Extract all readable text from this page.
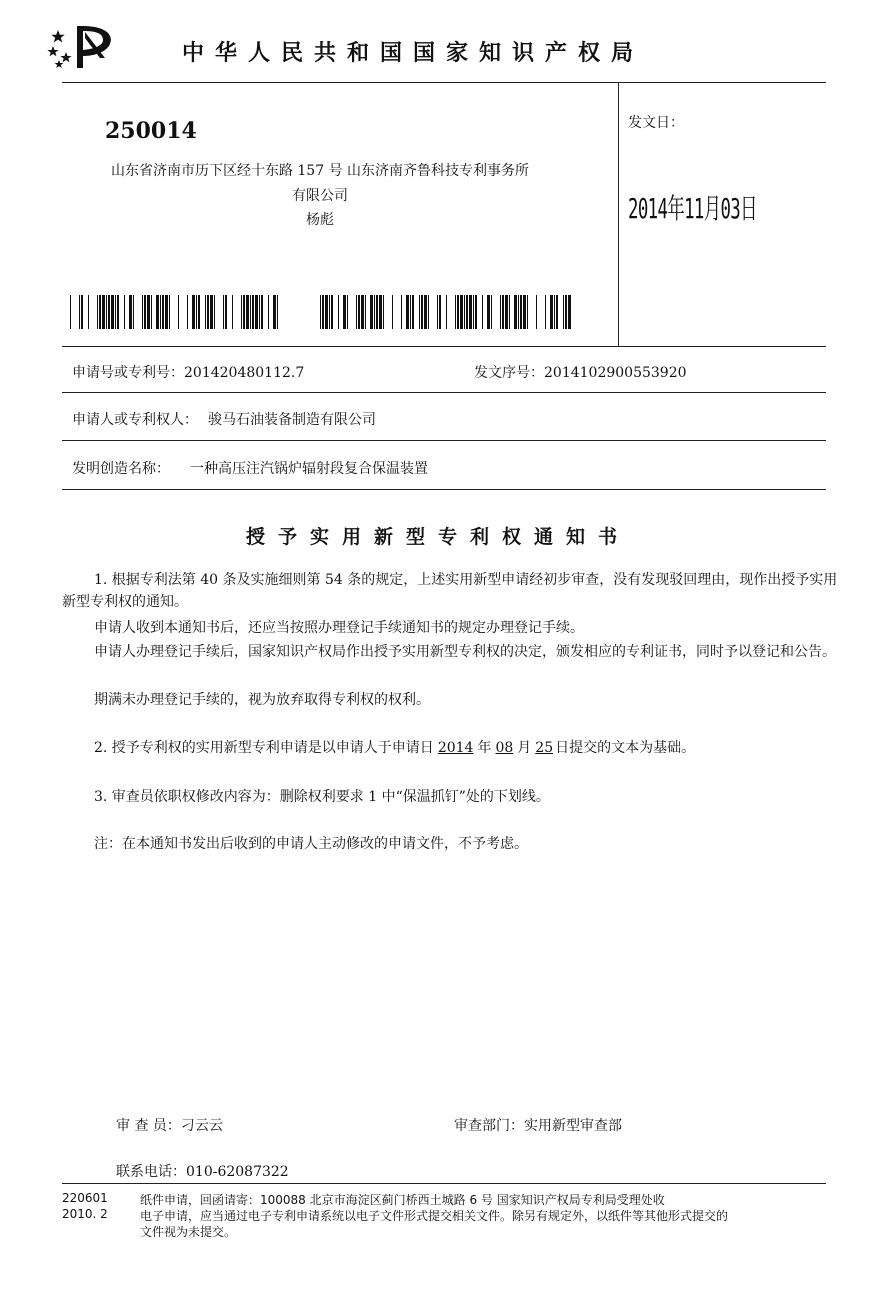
中华人民共和国国家知识产权局
250014
山东省济南市历下区经十东路 157 号 山东济南齐鲁科技专利事务所
有限公司
杨彪
发文日：
2014年11月03日
申请号或专利号：201420480112.7	发文序号：2014102900553920
申请人或专利权人： 骏马石油装备制造有限公司
发明创造名称： 一种高压注汽锅炉辐射段复合保温装置
授予实用新型专利权通知书
1. 根据专利法第 40 条及实施细则第 54 条的规定，上述实用新型申请经初步审查，没有发现驳回理由，现作出授予实用新型专利权的通知。
申请人收到本通知书后，还应当按照办理登记手续通知书的规定办理登记手续。
申请人办理登记手续后，国家知识产权局作出授予实用新型专利权的决定，颁发相应的专利证书，同时予以登记和公告。
期满未办理登记手续的，视为放弃取得专利权的权利。
2. 授予专利权的实用新型专利申请是以申请人于申请日 2014 年 08 月 25 日提交的文本为基础。
3. 审查员依职权修改内容为：删除权利要求 1 中“保温抓钉”处的下划线。
注：在本通知书发出后收到的申请人主动修改的申请文件，不予考虑。
审 查 员：刁云云	审查部门：实用新型审查部
联系电话：010-62087322
220601
2010. 2
纸件申请，回函请寄：100088 北京市海淀区蓟门桥西土城路 6 号 国家知识产权局专利局受理处收
电子申请，应当通过电子专利申请系统以电子文件形式提交相关文件。除另有规定外，以纸件等其他形式提交的
文件视为未提交。
